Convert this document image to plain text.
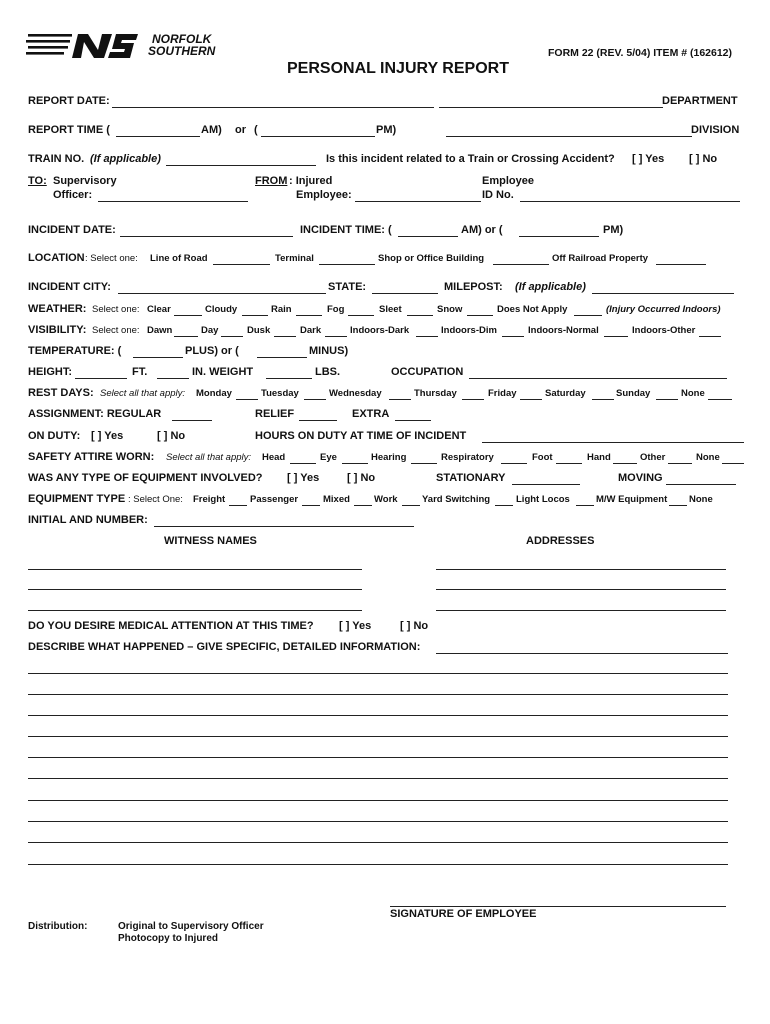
NORFOLK
SOUTHERN	FORM 22 (REV. 5/04) ITEM # (162612)
PERSONAL INJURY REPORT
REPORT DATE:	DEPARTMENT
REPORT TIME (	AM) or (	PM)	DIVISION
TRAIN NO. (If applicable)	Is this incident related to a Train or Crossing Accident? [ ] Yes [ ] No
TO: Supervisory
Officer:
FROM : Injured
Employee:
Employee
ID No.
INCIDENT DATE:	INCIDENT TIME: (	AM) or (	PM)
LOCATION : Select one: Line of Road	Terminal	Shop or Office Building	Off Railroad Property
INCIDENT CITY:	STATE:	MILEPOST: (If applicable)
WEATHER: Select one: Clear	Cloudy	Rain	Fog	Sleet	Snow	Does Not Apply	(Injury Occurred Indoors)
VISIBILITY: Select one: Dawn	Day	Dusk	Dark	Indoors-Dark	Indoors-Dim	Indoors-Normal	Indoors-Other
TEMPERATURE: (	PLUS) or (	MINUS)
HEIGHT:	FT.	IN. WEIGHT	LBS.	OCCUPATION
REST DAYS: Select all that apply: Monday	Tuesday	Wednesday	Thursday	Friday	Saturday	Sunday	None
ASSIGNMENT: REGULAR	RELIEF	EXTRA
ON DUTY: [ ] Yes	[ ] No	HOURS ON DUTY AT TIME OF INCIDENT
SAFETY ATTIRE WORN: Select all that apply: Head	Eye	Hearing	Respiratory	Foot	Hand	Other	None
WAS ANY TYPE OF EQUIPMENT INVOLVED? [ ] Yes	[ ] No	STATIONARY	MOVING
EQUIPMENT TYPE : Select One: Freight	Passenger	Mixed	Work	Yard Switching	Light Locos	M/W Equipment None
INITIAL AND NUMBER:
WITNESS NAMES	ADDRESSES
DO YOU DESIRE MEDICAL ATTENTION AT THIS TIME? [ ] Yes	[ ] No
DESCRIBE WHAT HAPPENED – GIVE SPECIFIC, DETAILED INFORMATION:
SIGNATURE OF EMPLOYEE
Distribution:	Original to Supervisory Officer
Photocopy to Injured
